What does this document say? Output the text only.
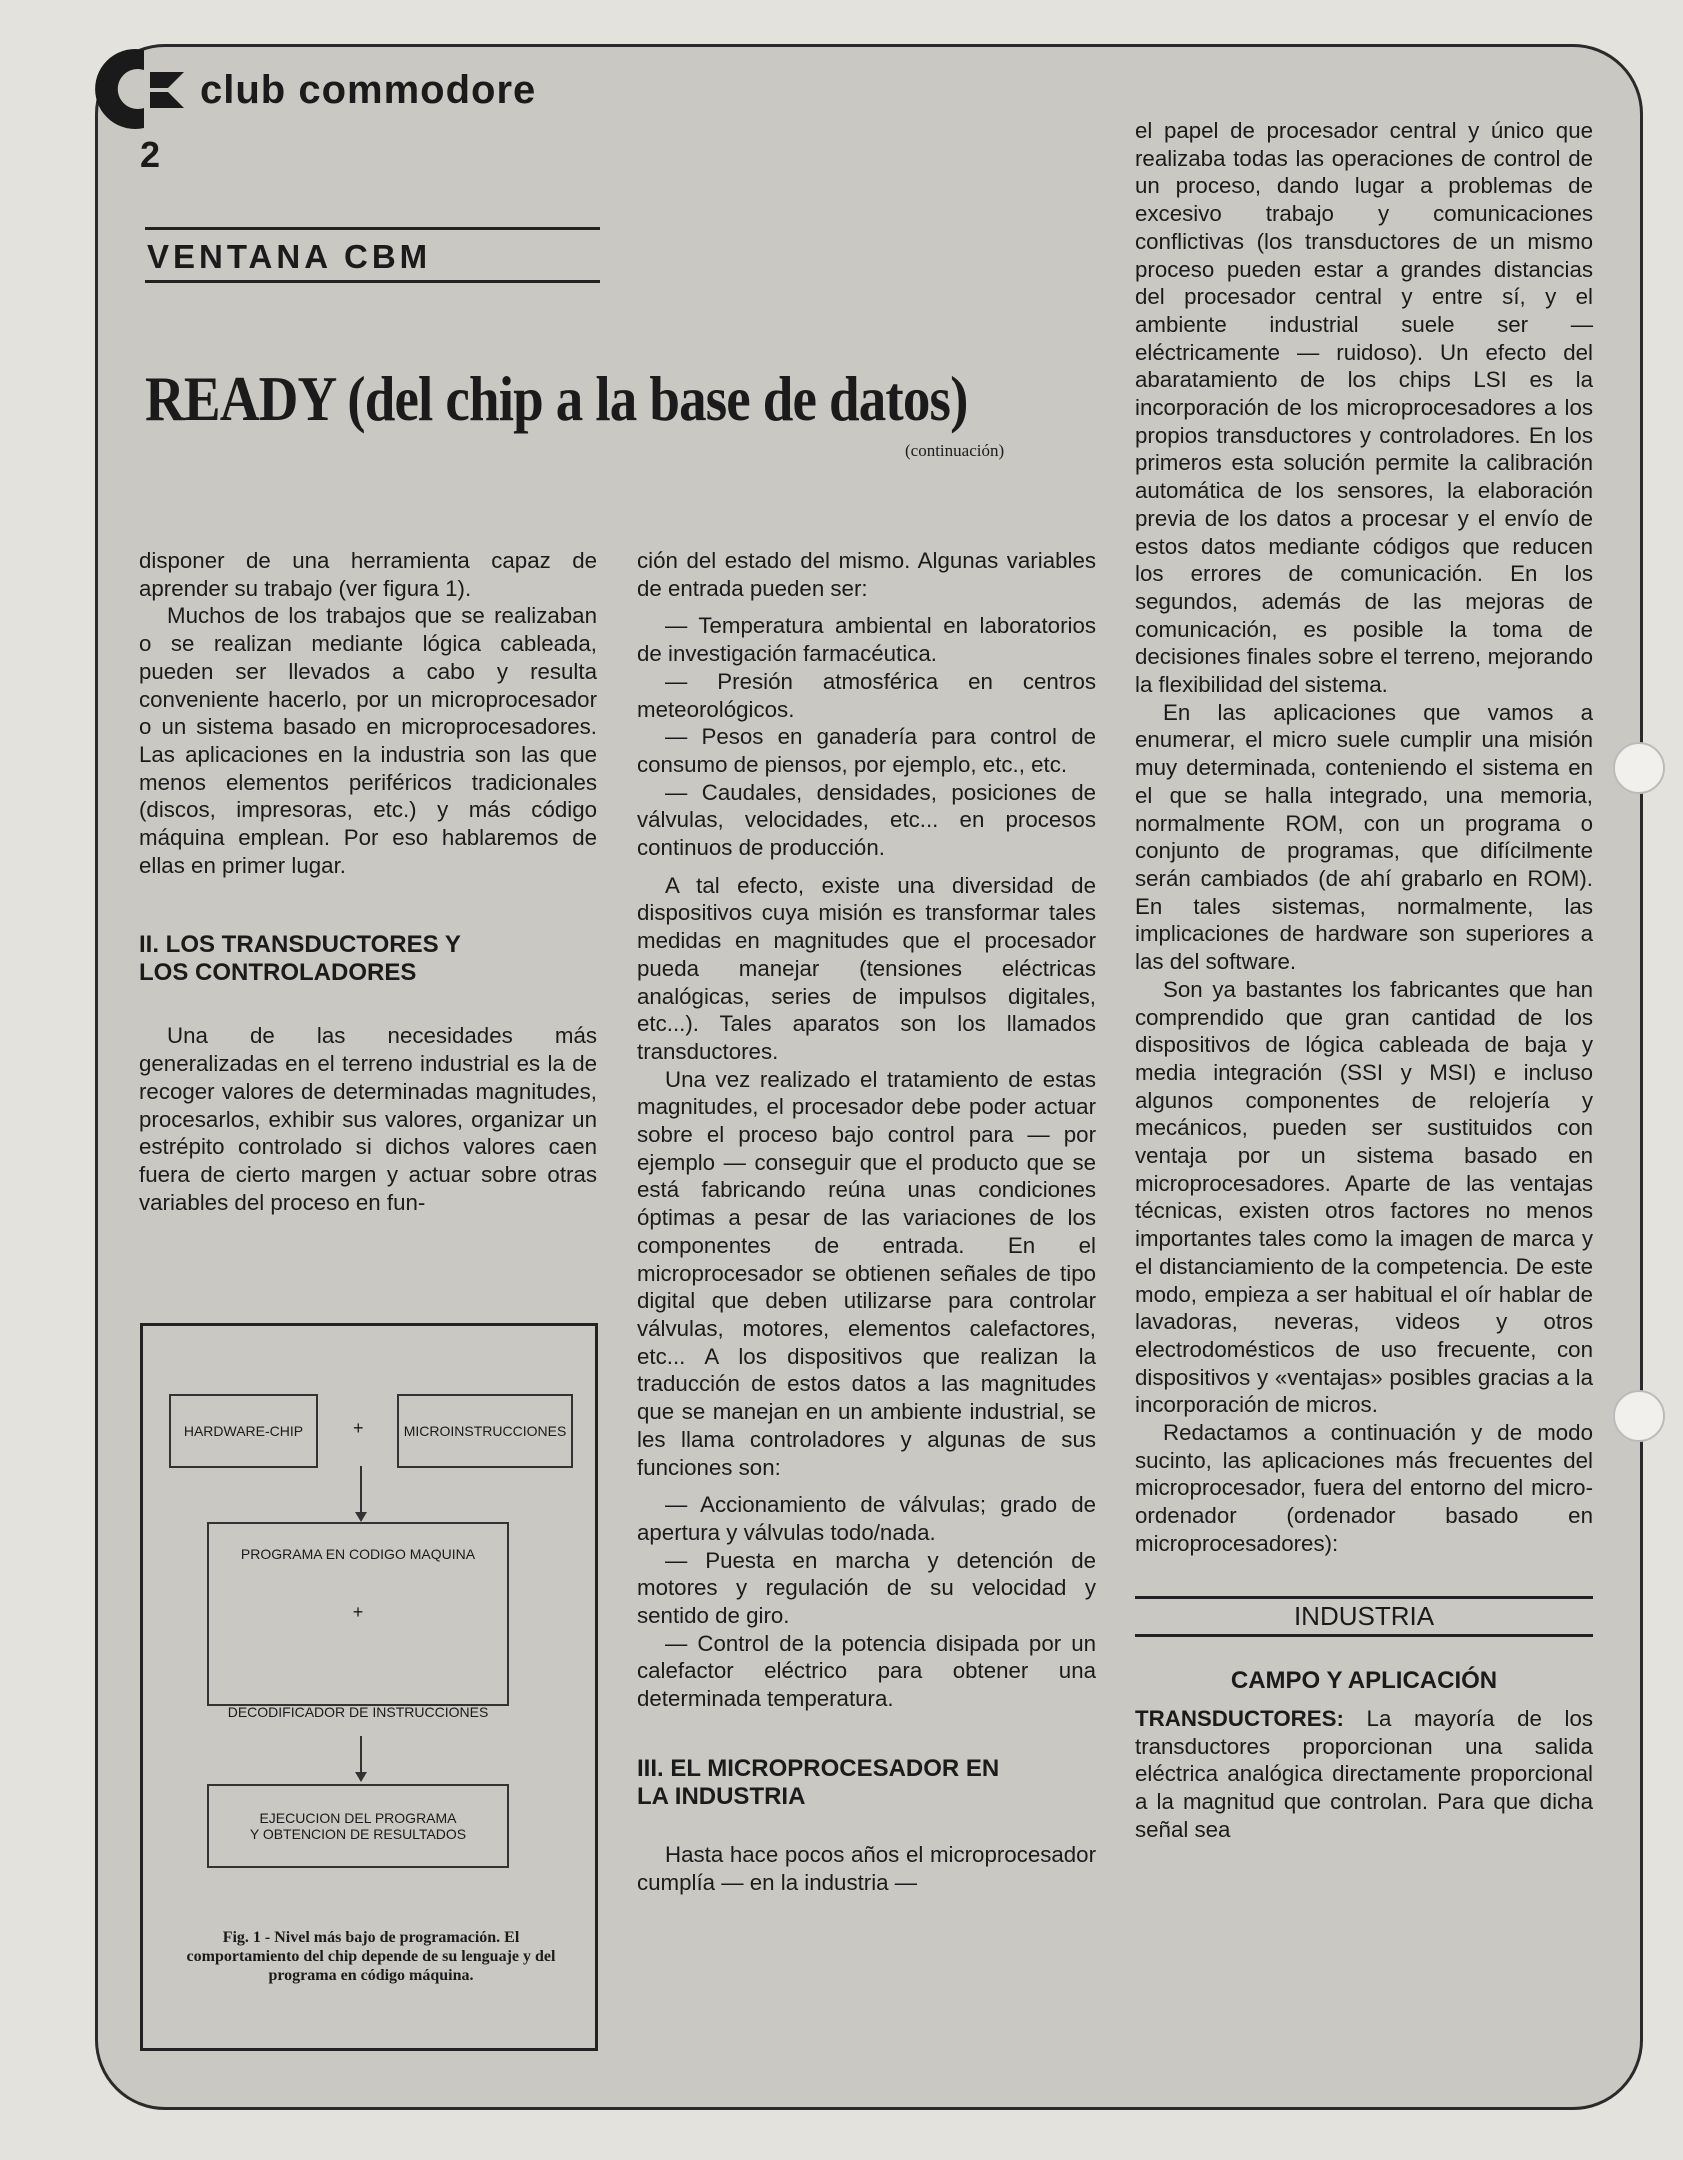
club commodore
2
VENTANA CBM
READY (del chip a la base de datos)
(continuación)

disponer de una herramienta capaz de aprender su trabajo (ver figura 1).

Muchos de los trabajos que se realizaban o se realizan mediante lógica cableada, pueden ser llevados a cabo y resulta conveniente hacerlo, por un microprocesador o un sistema basado en microprocesadores. Las aplicaciones en la industria son las que menos elementos periféricos tradicionales (discos, impresoras, etc.) y más código máquina emplean. Por eso hablaremos de ellas en primer lugar.

II. LOS TRANSDUCTORES Y

LOS CONTROLADORES

Una de las necesidades más generalizadas en el terreno industrial es la de recoger valores de determinadas magnitudes, procesarlos, exhibir sus valores, organizar un estrépito controlado si dichos valores caen fuera de cierto margen y actuar sobre otras variables del proceso en fun-

HARDWARE-CHIP	+	MICROINSTRUCCIONES
PROGRAMA EN CODIGO MAQUINA
+
DECODIFICADOR DE INSTRUCCIONES
EJECUCION DEL PROGRAMA
Y OBTENCION DE RESULTADOS
Fig. 1 - Nivel más bajo de programación. El comportamiento del chip depende de su lenguaje y del programa en código máquina.

ción del estado del mismo. Algunas variables de entrada pueden ser:

— Temperatura ambiental en laboratorios de investigación farmacéutica.

— Presión atmosférica en centros meteorológicos.

— Pesos en ganadería para control de consumo de piensos, por ejemplo, etc., etc.

— Caudales, densidades, posiciones de válvulas, velocidades, etc... en procesos continuos de producción.

A tal efecto, existe una diversidad de dispositivos cuya misión es transformar tales medidas en magnitudes que el procesador pueda manejar (tensiones eléctricas analógicas, series de impulsos digitales, etc...). Tales aparatos son los llamados transductores.

Una vez realizado el tratamiento de estas magnitudes, el procesador debe poder actuar sobre el proceso bajo control para — por ejemplo — conseguir que el producto que se está fabricando reúna unas condiciones óptimas a pesar de las variaciones de los componentes de entrada. En el microprocesador se obtienen señales de tipo digital que deben utilizarse para controlar válvulas, motores, elementos calefactores, etc... A los dispositivos que realizan la traducción de estos datos a las magnitudes que se manejan en un ambiente industrial, se les llama controladores y algunas de sus funciones son:

— Accionamiento de válvulas; grado de apertura y válvulas todo/nada.

— Puesta en marcha y detención de motores y regulación de su velocidad y sentido de giro.

— Control de la potencia disipada por un calefactor eléctrico para obtener una determinada temperatura.

III. EL MICROPROCESADOR EN

LA INDUSTRIA

Hasta hace pocos años el microprocesador cumplía — en la industria —

el papel de procesador central y único que realizaba todas las operaciones de control de un proceso, dando lugar a problemas de excesivo trabajo y comunicaciones conflictivas (los transductores de un mismo proceso pueden estar a grandes distancias del procesador central y entre sí, y el ambiente industrial suele ser — eléctricamente — ruidoso). Un efecto del abaratamiento de los chips LSI es la incorporación de los microprocesadores a los propios transductores y controladores. En los primeros esta solución permite la calibración automática de los sensores, la elaboración previa de los datos a procesar y el envío de estos datos mediante códigos que reducen los errores de comunicación. En los segundos, además de las mejoras de comunicación, es posible la toma de decisiones finales sobre el terreno, mejorando la flexibilidad del sistema.

En las aplicaciones que vamos a enumerar, el micro suele cumplir una misión muy determinada, conteniendo el sistema en el que se halla integrado, una memoria, normalmente ROM, con un programa o conjunto de programas, que difícilmente serán cambiados (de ahí grabarlo en ROM). En tales sistemas, normalmente, las implicaciones de hardware son superiores a las del software.

Son ya bastantes los fabricantes que han comprendido que gran cantidad de los dispositivos de lógica cableada de baja y media integración (SSI y MSI) e incluso algunos componentes de relojería y mecánicos, pueden ser sustituidos con ventaja por un sistema basado en microprocesadores. Aparte de las ventajas técnicas, existen otros factores no menos importantes tales como la imagen de marca y el distanciamiento de la competencia. De este modo, empieza a ser habitual el oír hablar de lavadoras, neveras, videos y otros electrodomésticos de uso frecuente, con dispositivos y «ventajas» posibles gracias a la incorporación de micros.

Redactamos a continuación y de modo sucinto, las aplicaciones más frecuentes del microprocesador, fuera del entorno del micro-ordenador (ordenador basado en microprocesadores):

INDUSTRIA

CAMPO Y APLICACIÓN

TRANSDUCTORES: La mayoría de los transductores proporcionan una salida eléctrica analógica directamente proporcional a la magnitud que controlan. Para que dicha señal sea
